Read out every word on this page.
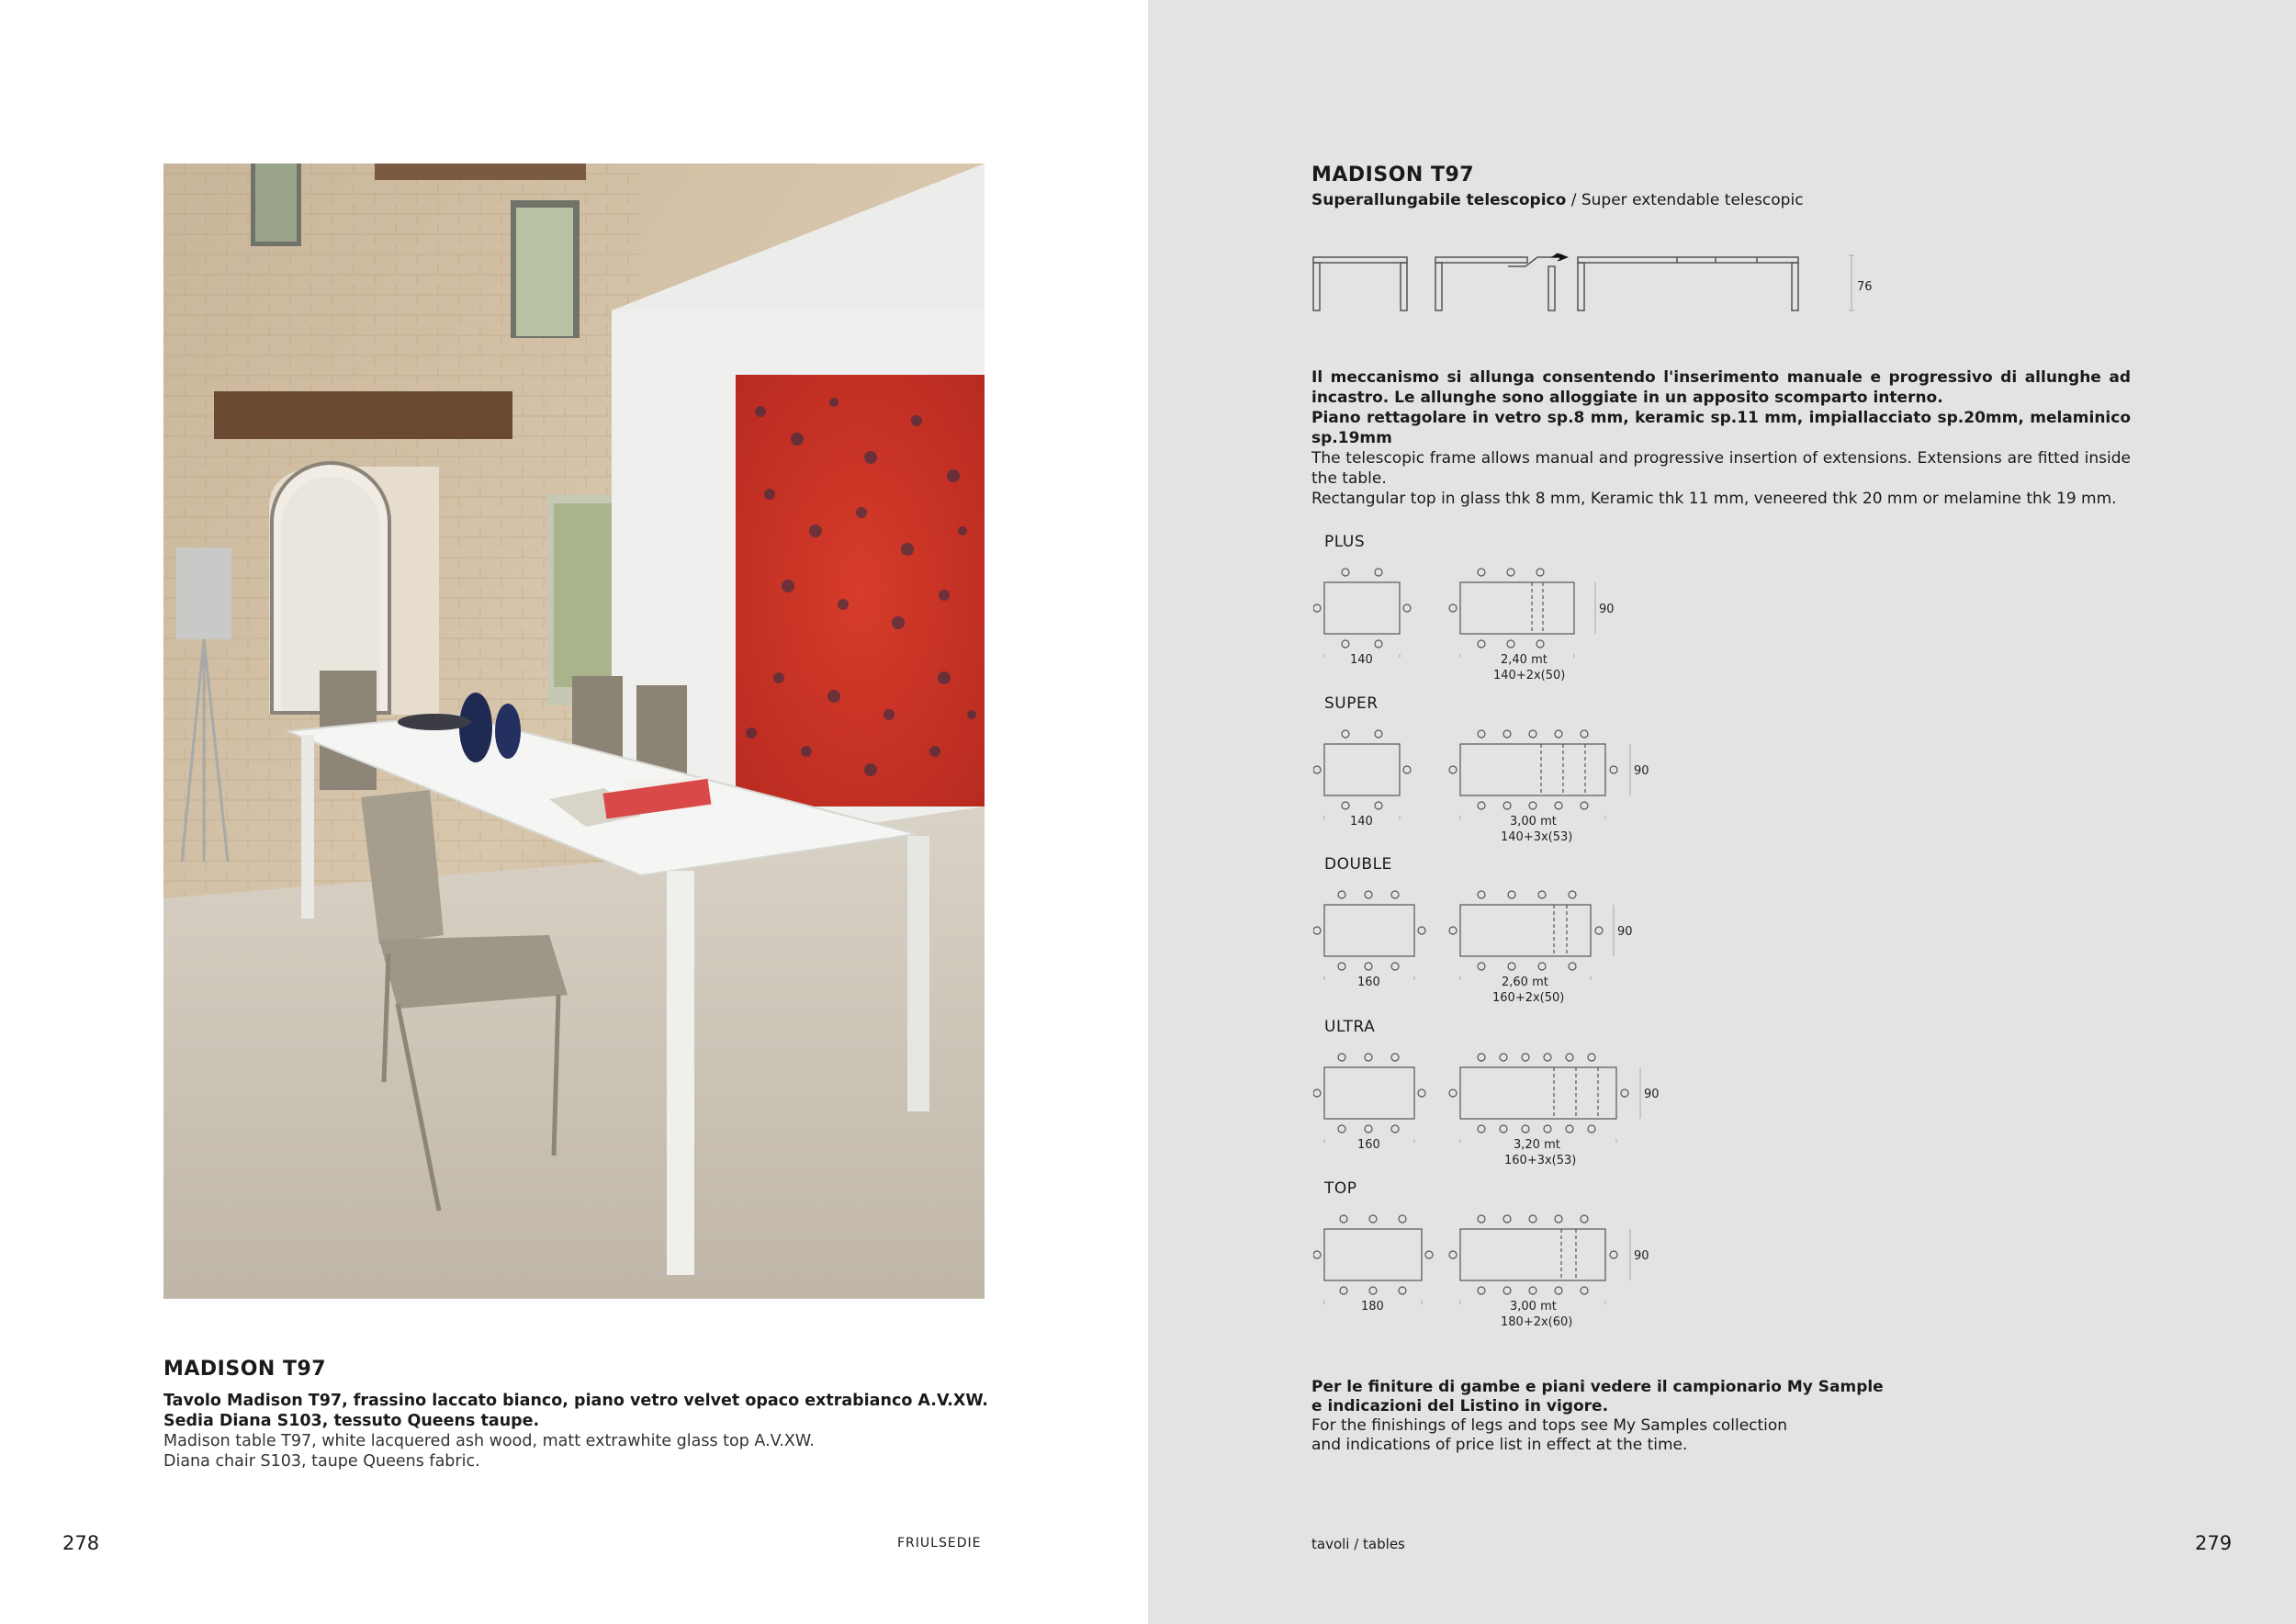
MADISON T97
Tavolo Madison T97, frassino laccato bianco, piano vetro velvet opaco extrabianco A.V.XW.
Sedia Diana S103, tessuto Queens taupe.
Madison table T97, white lacquered ash wood, matt extrawhite glass top A.V.XW.
Diana chair S103, taupe Queens fabric.
278	FRIULSEDIE
MADISON T97
Superallungabile telescopico / Super extendable telescopic
76
Il meccanismo si allunga consentendo l'inserimento manuale e progressivo di allunghe ad incastro. Le allunghe sono alloggiate in un apposito scomparto interno.
Piano rettagolare in vetro sp.8 mm, keramic sp.11 mm, impiallacciato sp.20mm, melaminico sp.19mm
The telescopic frame allows manual and progressive insertion of extensions. Extensions are fitted inside the table.
Rectangular top in glass thk 8 mm, Keramic thk 11 mm, veneered thk 20 mm or melamine thk 19 mm.
PLUS
140	2,40 mt
140+2x(50)
90
SUPER
140	3,00 mt
140+3x(53)
90
DOUBLE
160	2,60 mt
160+2x(50)
90
ULTRA
160	3,20 mt
160+3x(53)
90
TOP
180	3,00 mt
180+2x(60)
90
Per le finiture di gambe e piani vedere il campionario My Sample
e indicazioni del Listino in vigore.
For the finishings of legs and tops see My Samples collection
and indications of price list in effect at the time.
tavoli / tables	279
